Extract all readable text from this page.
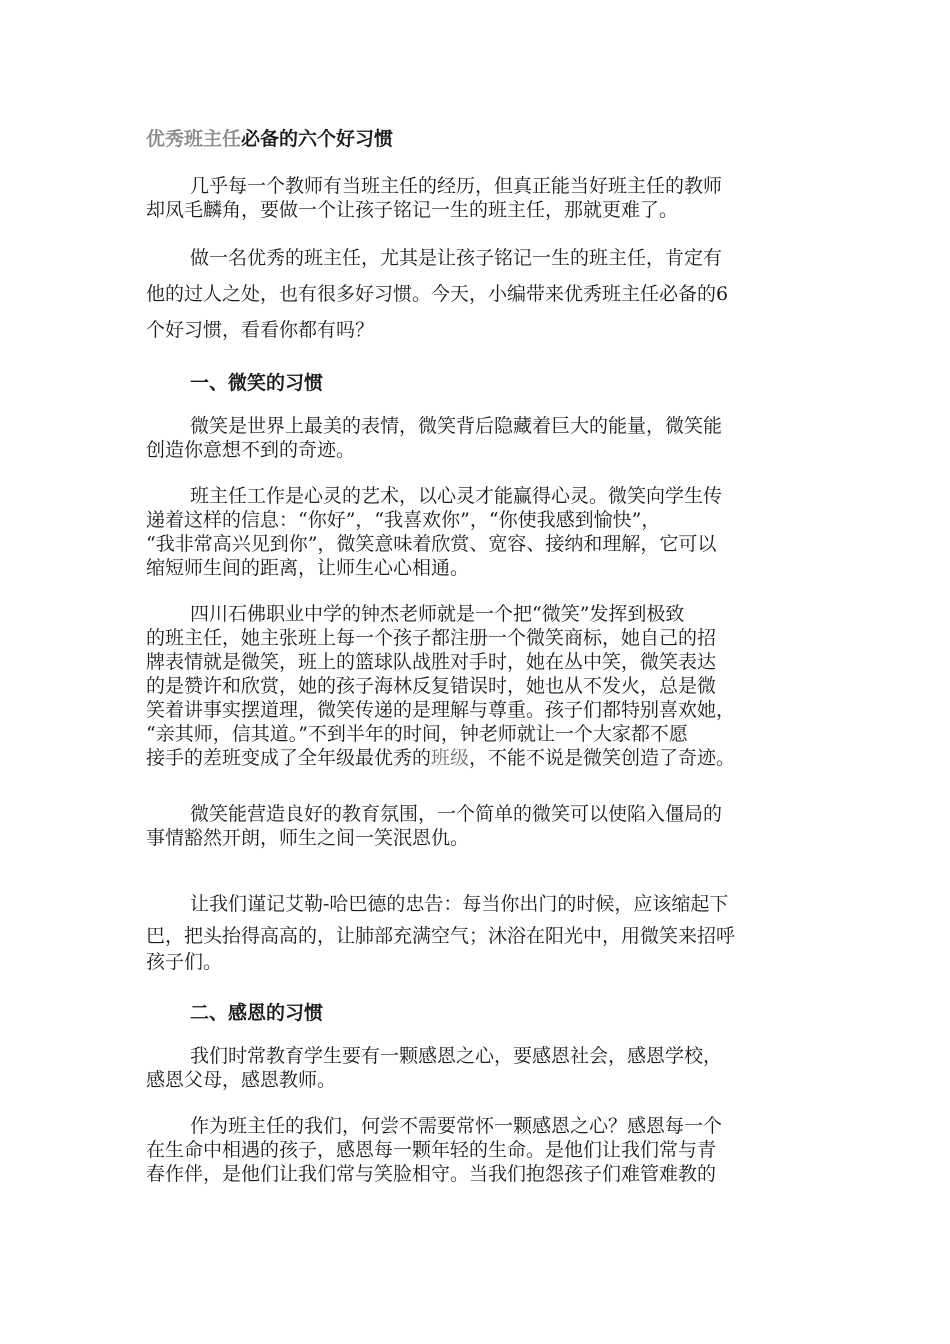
优秀班主任必备的六个好习惯

几乎每一个教师有当班主任的经历，但真正能当好班主任的教师
却凤毛麟角，要做一个让孩子铭记一生的班主任，那就更难了。

做一名优秀的班主任，尤其是让孩子铭记一生的班主任，肯定有
他的过人之处，也有很多好习惯。今天，小编带来优秀班主任必备的6
个好习惯，看看你都有吗？

一、微笑的习惯

微笑是世界上最美的表情，微笑背后隐藏着巨大的能量，微笑能
创造你意想不到的奇迹。

班主任工作是心灵的艺术，以心灵才能赢得心灵。微笑向学生传
递着这样的信息：“你好”，“我喜欢你”，“你使我感到愉快”，
“我非常高兴见到你”，微笑意味着欣赏、宽容、接纳和理解，它可以
缩短师生间的距离，让师生心心相通。

四川石佛职业中学的钟杰老师就是一个把“微笑”发挥到极致
的班主任，她主张班上每一个孩子都注册一个微笑商标，她自己的招
牌表情就是微笑，班上的篮球队战胜对手时，她在丛中笑，微笑表达
的是赞许和欣赏，她的孩子海林反复错误时，她也从不发火，总是微
笑着讲事实摆道理，微笑传递的是理解与尊重。孩子们都特别喜欢她，
“亲其师，信其道。”不到半年的时间，钟老师就让一个大家都不愿
接手的差班变成了全年级最优秀的班级，不能不说是微笑创造了奇迹。

微笑能营造良好的教育氛围，一个简单的微笑可以使陷入僵局的
事情豁然开朗，师生之间一笑泯恩仇。

让我们谨记艾勒-哈巴德的忠告：每当你出门的时候，应该缩起下
巴，把头抬得高高的，让肺部充满空气；沐浴在阳光中，用微笑来招呼
孩子们。

二、感恩的习惯

我们时常教育学生要有一颗感恩之心，要感恩社会，感恩学校，
感恩父母，感恩教师。

作为班主任的我们，何尝不需要常怀一颗感恩之心？感恩每一个
在生命中相遇的孩子，感恩每一颗年轻的生命。是他们让我们常与青
春作伴，是他们让我们常与笑脸相守。当我们抱怨孩子们难管难教的
